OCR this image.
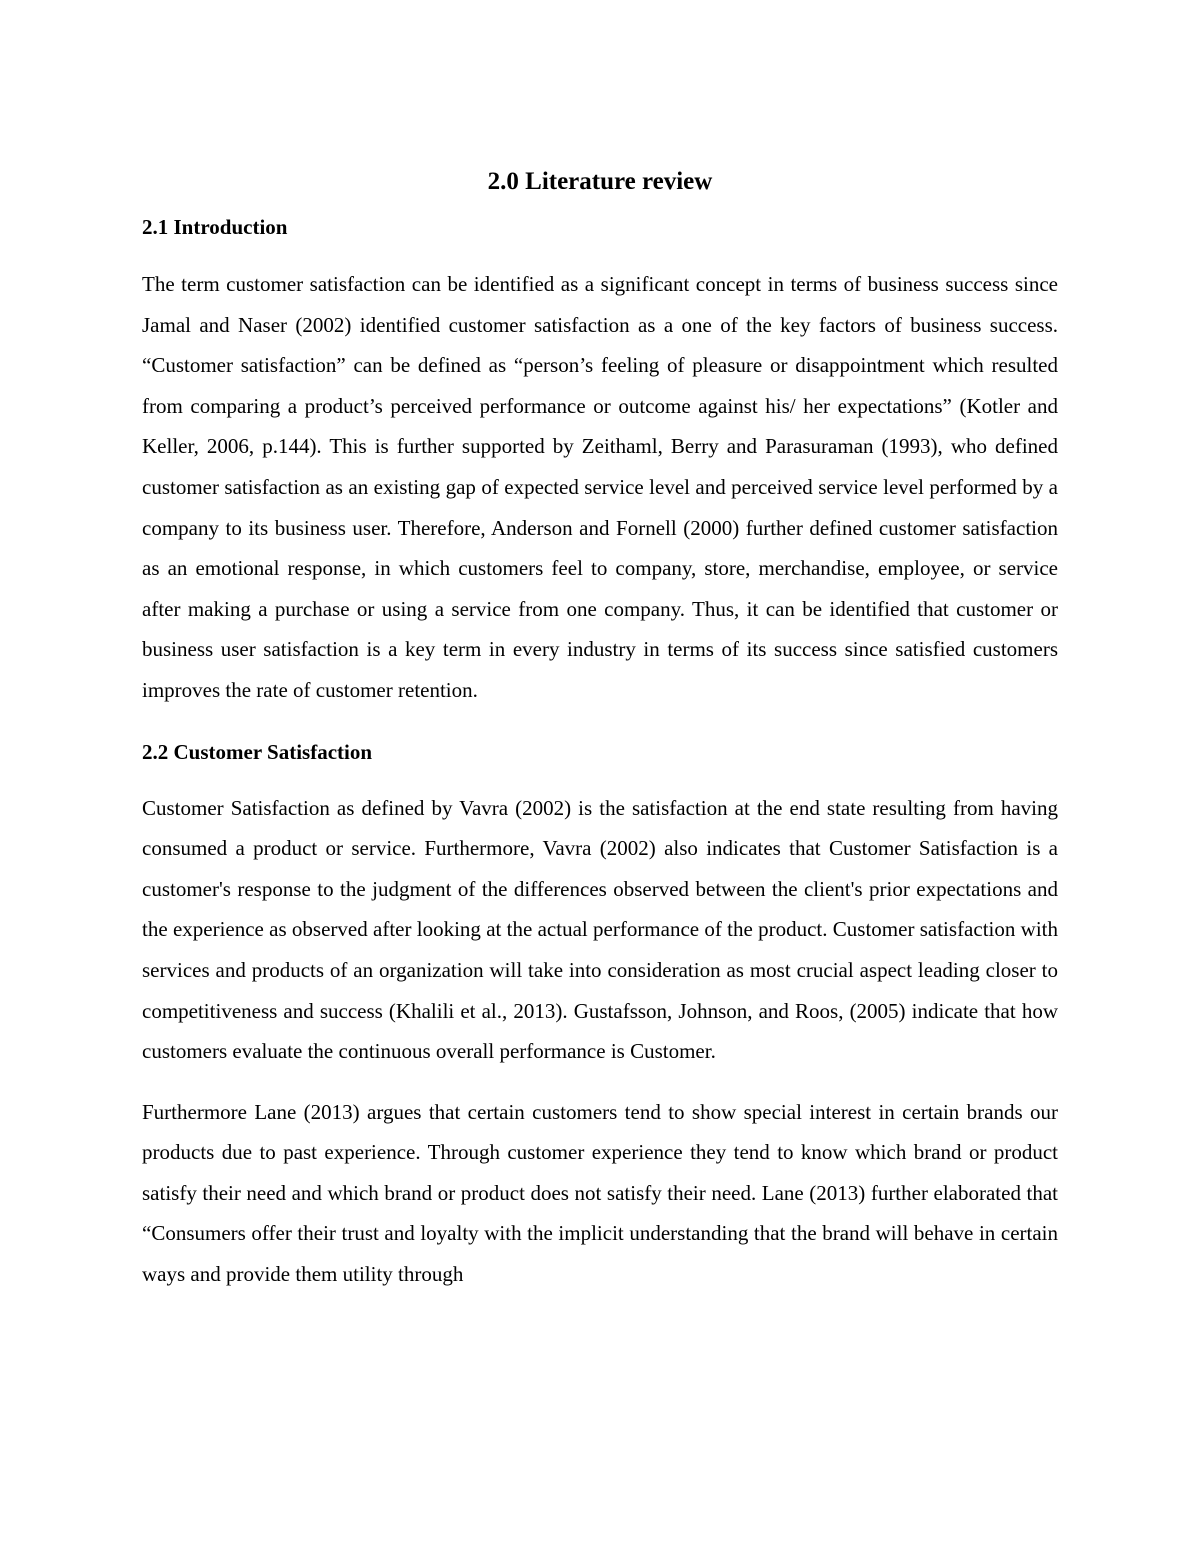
2.0 Literature review
2.1 Introduction

The term customer satisfaction can be identified as a significant concept in terms of business success since Jamal and Naser (2002) identified customer satisfaction as a one of the key factors of business success. “Customer satisfaction” can be defined as “person’s feeling of pleasure or disappointment which resulted from comparing a product’s perceived performance or outcome against his/ her expectations” (Kotler and Keller, 2006, p.144). This is further supported by Zeithaml, Berry and Parasuraman (1993), who defined customer satisfaction as an existing gap of expected service level and perceived service level performed by a company to its business user. Therefore, Anderson and Fornell (2000) further defined customer satisfaction as an emotional response, in which customers feel to company, store, merchandise, employee, or service after making a purchase or using a service from one company. Thus, it can be identified that customer or business user satisfaction is a key term in every industry in terms of its success since satisfied customers improves the rate of customer retention.

2.2 Customer Satisfaction

Customer Satisfaction as defined by Vavra (2002) is the satisfaction at the end state resulting from having consumed a product or service. Furthermore, Vavra (2002) also indicates that Customer Satisfaction is a customer's response to the judgment of the differences observed between the client's prior expectations and the experience as observed after looking at the actual performance of the product. Customer satisfaction with services and products of an organization will take into consideration as most crucial aspect leading closer to competitiveness and success (Khalili et al., 2013). Gustafsson, Johnson, and Roos, (2005) indicate that how customers evaluate the continuous overall performance is Customer.

Furthermore Lane (2013) argues that certain customers tend to show special interest in certain brands our products due to past experience. Through customer experience they tend to know which brand or product satisfy their need and which brand or product does not satisfy their need. Lane (2013) further elaborated that “Consumers offer their trust and loyalty with the implicit understanding that the brand will behave in certain ways and provide them utility through
